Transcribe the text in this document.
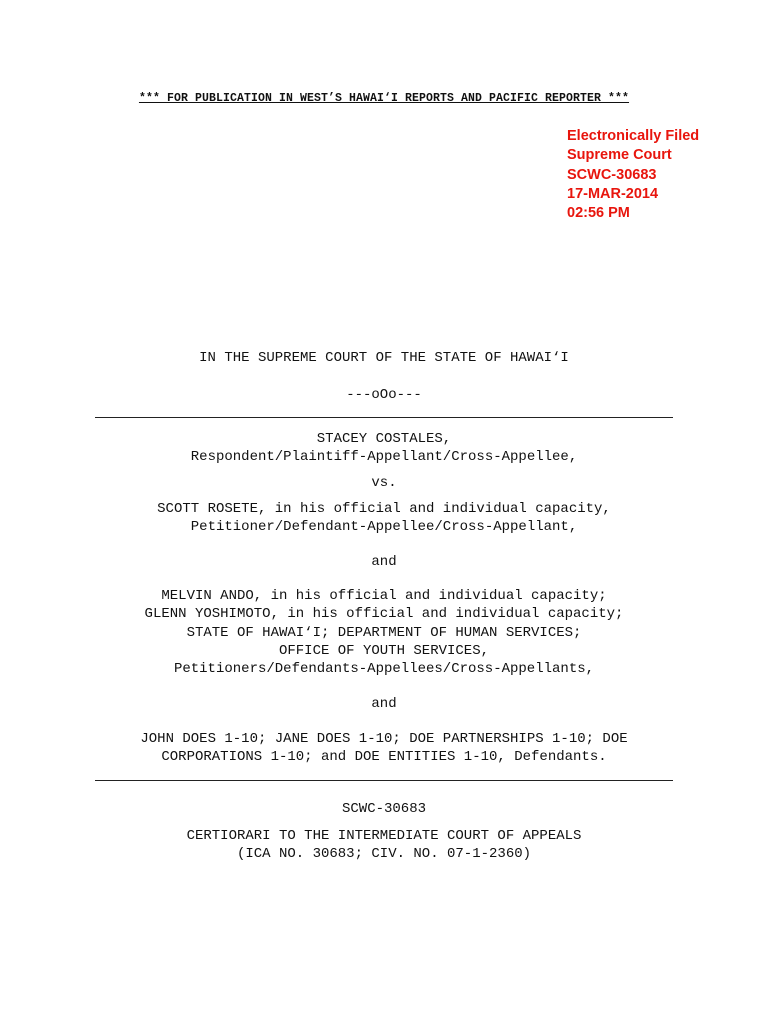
*** FOR PUBLICATION IN WEST’S HAWAI‘I REPORTS AND PACIFIC REPORTER ***
Electronically Filed
Supreme Court
SCWC-30683
17-MAR-2014
02:56 PM
IN THE SUPREME COURT OF THE STATE OF HAWAI‘I
---oOo---
STACEY COSTALES,
Respondent/Plaintiff-Appellant/Cross-Appellee,
vs.
SCOTT ROSETE, in his official and individual capacity,
Petitioner/Defendant-Appellee/Cross-Appellant,
and
MELVIN ANDO, in his official and individual capacity;
GLENN YOSHIMOTO, in his official and individual capacity;
STATE OF HAWAI‘I; DEPARTMENT OF HUMAN SERVICES;
OFFICE OF YOUTH SERVICES,
Petitioners/Defendants-Appellees/Cross-Appellants,
and
JOHN DOES 1-10; JANE DOES 1-10; DOE PARTNERSHIPS 1-10; DOE
CORPORATIONS 1-10; and DOE ENTITIES 1-10, Defendants.
SCWC-30683
CERTIORARI TO THE INTERMEDIATE COURT OF APPEALS
(ICA NO. 30683; CIV. NO. 07-1-2360)
